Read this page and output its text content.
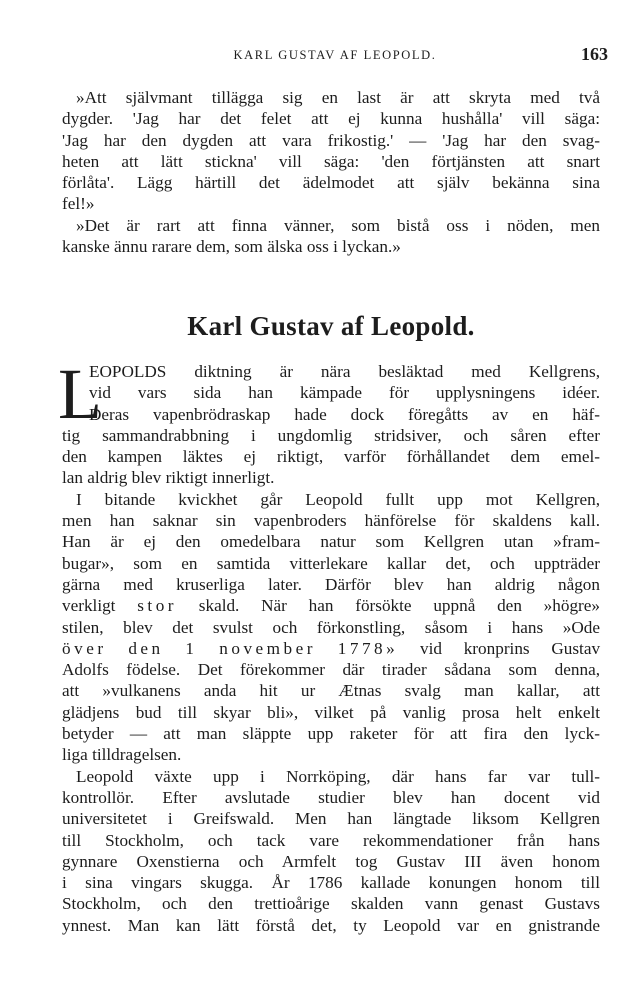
KARL GUSTAV AF LEOPOLD.	163
»Att självmant tillägga sig en last är att skryta med två
dygder. 'Jag har det felet att ej kunna hushålla' vill säga:
'Jag har den dygden att vara frikostig.' — 'Jag har den svag-
heten att lätt stickna' vill säga: 'den förtjänsten att snart
förlåta'. Lägg härtill det ädelmodet att själv bekänna sina
fel!»
»Det är rart att finna vänner, som bistå oss i nöden, men
kanske ännu rarare dem, som älska oss i lyckan.»
Karl Gustav af Leopold.
L
EOPOLDS diktning är nära besläktad med Kellgrens,
vid vars sida han kämpade för upplysningens idéer.
Deras vapenbrödraskap hade dock föregåtts av en häf-
tig sammandrabbning i ungdomlig stridsiver, och såren efter
den kampen läktes ej riktigt, varför förhållandet dem emel-
lan aldrig blev riktigt innerligt.
I bitande kvickhet går Leopold fullt upp mot Kellgren,
men han saknar sin vapenbroders hänförelse för skaldens kall.
Han är ej den omedelbara natur som Kellgren utan »fram-
bugar», som en samtida vitterlekare kallar det, och uppträder
gärna med kruserliga later. Därför blev han aldrig någon
verkligt stor skald. När han försökte uppnå den »högre»
stilen, blev det svulst och förkonstling, såsom i hans »Ode
över den 1 november 1778» vid kronprins Gustav
Adolfs födelse. Det förekommer där tirader sådana som denna,
att »vulkanens anda hit ur Ætnas svalg man kallar, att
glädjens bud till skyar bli», vilket på vanlig prosa helt enkelt
betyder — att man släppte upp raketer för att fira den lyck-
liga tilldragelsen.
Leopold växte upp i Norrköping, där hans far var tull-
kontrollör. Efter avslutade studier blev han docent vid
universitetet i Greifswald. Men han längtade liksom Kellgren
till Stockholm, och tack vare rekommendationer från hans
gynnare Oxenstierna och Armfelt tog Gustav III även honom
i sina vingars skugga. År 1786 kallade konungen honom till
Stockholm, och den trettioårige skalden vann genast Gustavs
ynnest. Man kan lätt förstå det, ty Leopold var en gnistrande
